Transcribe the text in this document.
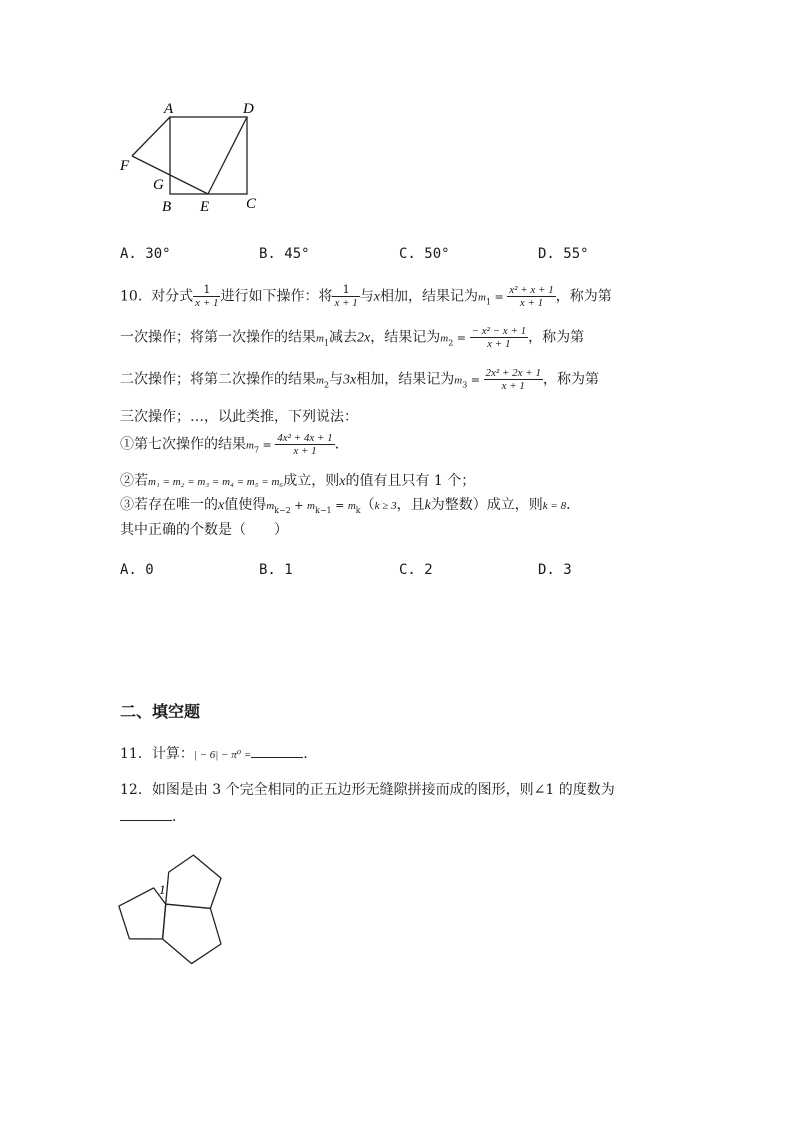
A	D
F
G
B E C
A. 30°	B. 45°	C. 50°	D. 55°
10. 对分式 $\frac{1}{x + 1}$ 进行如下操作：将 $\frac{1}{x + 1}$ 与x相加，结果记为$m_1 = \frac{\text{x² + x + 1}}{x + 1}$ ，称为第
一次操作；将第一次操作的结果$m_1$减去2x，结果记为$m_2 = \frac{\text{− x² − x + 1}}{x + 1}$ ，称为第
二次操作；将第二次操作的结果$m_2$与3x相加，结果记为$m_3 = \frac{\text{2x² + 2x + 1}}{x + 1}$ ，称为第
三次操作；…，以此类推，下列说法：
①第七次操作的结果$m_7 = \frac{\text{4x² + 4x + 1}}{x + 1}$ ．
②若m₁ = m₂ = m₃ = m₄ = m₅ = m₆成立，则x的值有且只有 1 个；
③若存在唯一的x值使得$m_{k-2} + m_{k-1} = m_k(k \ge 3$，且k为整数）成立，则k = 8．
其中正确的个数是（　　）
A. 0	B. 1	C. 2	D. 3
二、填空题
11．计算：| − 6| − π⁰ =	．
12．如图是由 3 个完全相同的正五边形无缝隙拼接而成的图形，则∠1 的度数为
．
1
